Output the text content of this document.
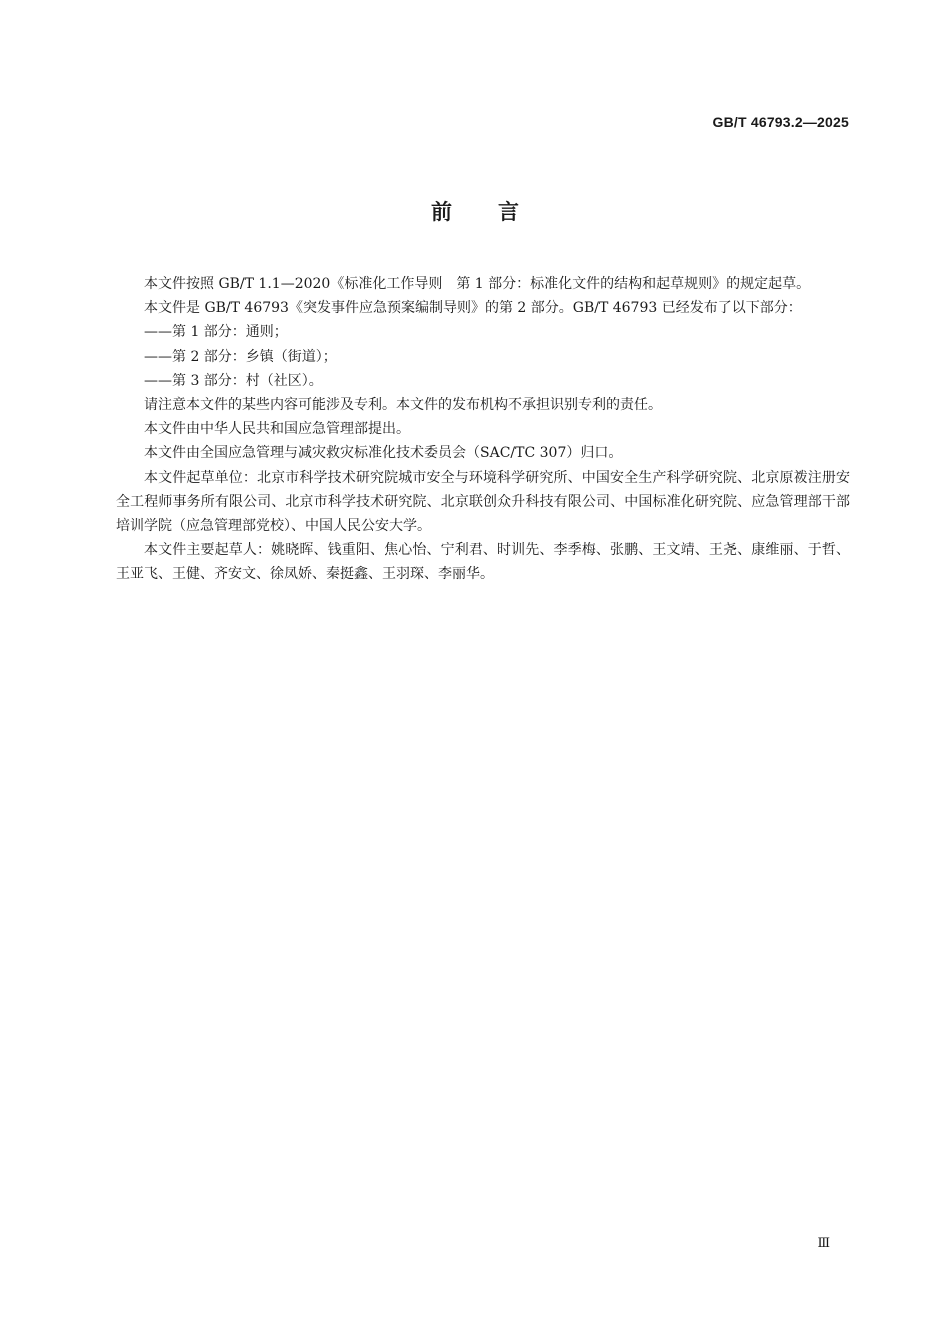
GB/T 46793.2—2025
前 言

本文件按照 GB/T 1.1—2020《标准化工作导则　第 1 部分：标准化文件的结构和起草规则》的规定起草。

本文件是 GB/T 46793《突发事件应急预案编制导则》的第 2 部分。GB/T 46793 已经发布了以下部分：

——第 1 部分：通则；

——第 2 部分：乡镇（街道）；

——第 3 部分：村（社区）。

请注意本文件的某些内容可能涉及专利。本文件的发布机构不承担识别专利的责任。

本文件由中华人民共和国应急管理部提出。

本文件由全国应急管理与减灾救灾标准化技术委员会（SAC/TC 307）归口。

本文件起草单位：北京市科学技术研究院城市安全与环境科学研究所、中国安全生产科学研究院、北京原袯注册安全工程师事务所有限公司、北京市科学技术研究院、北京联创众升科技有限公司、中国标准化研究院、应急管理部干部培训学院（应急管理部党校）、中国人民公安大学。

本文件主要起草人：姚晓晖、钱重阳、焦心怡、宁利君、时训先、李季梅、张鹏、王文靖、王尧、康维丽、于哲、王亚飞、王健、齐安文、徐凤娇、秦挺鑫、王羽琛、李丽华。

Ⅲ
